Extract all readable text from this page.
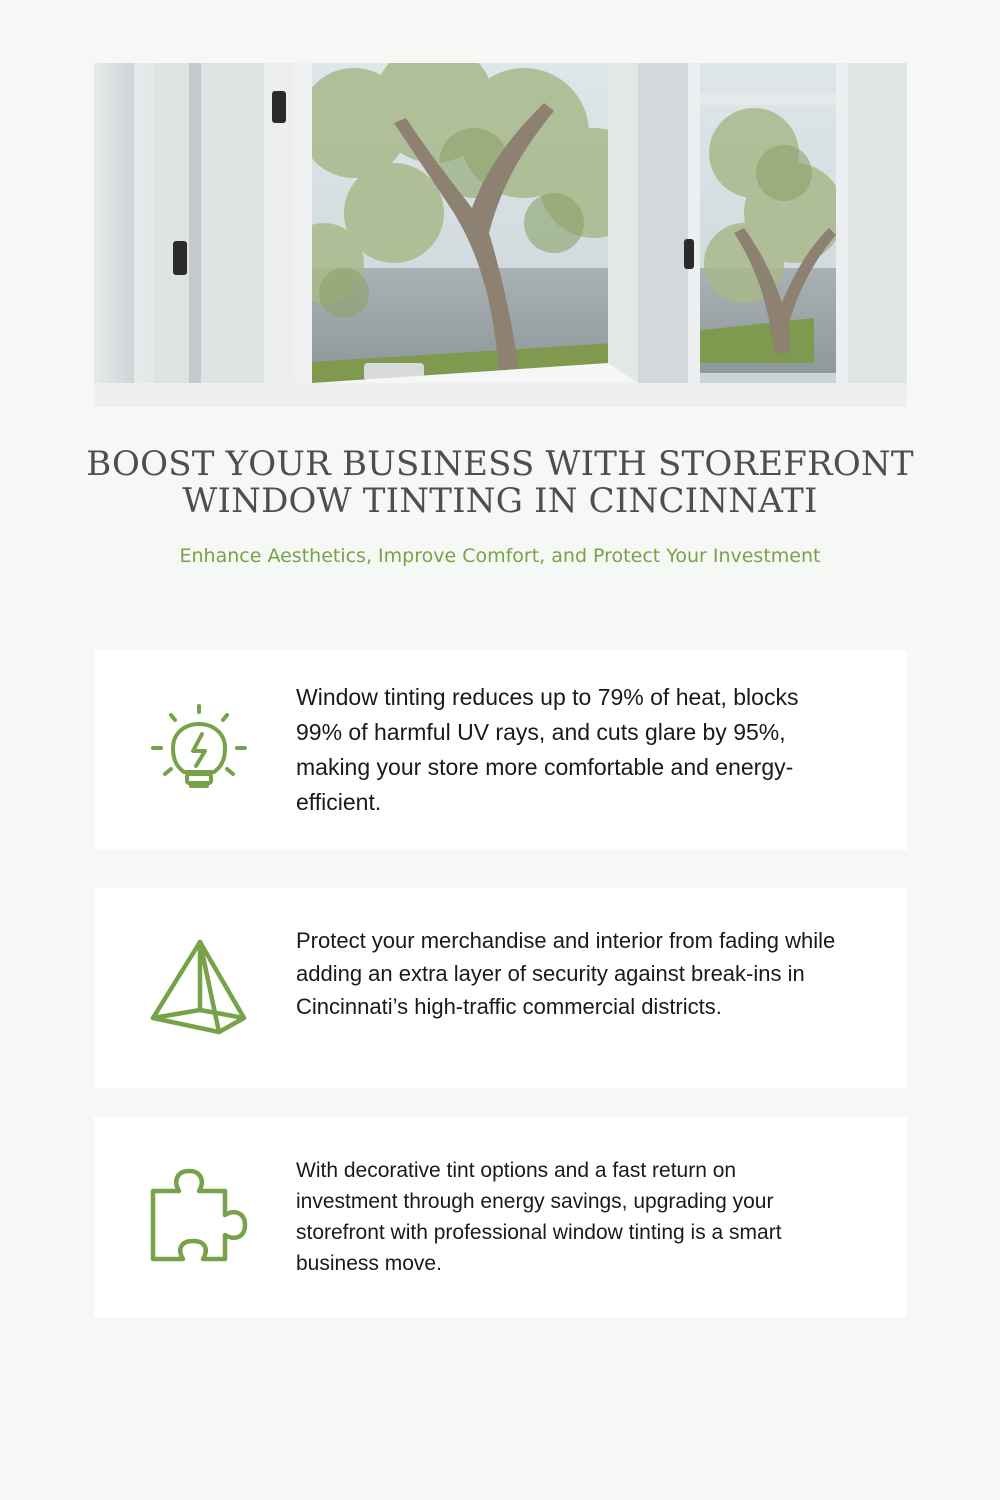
BOOST YOUR BUSINESS WITH STOREFRONT
WINDOW TINTING IN CINCINNATI

Enhance Aesthetics, Improve Comfort, and Protect Your Investment

Window tinting reduces up to 79% of heat, blocks 99% of harmful UV rays, and cuts glare by 95%, making your store more comfortable and energy-efficient.

Protect your merchandise and interior from fading while adding an extra layer of security against break-ins in Cincinnati’s high-traffic commercial districts.

With decorative tint options and a fast return on investment through energy savings, upgrading your storefront with professional window tinting is a smart business move.
